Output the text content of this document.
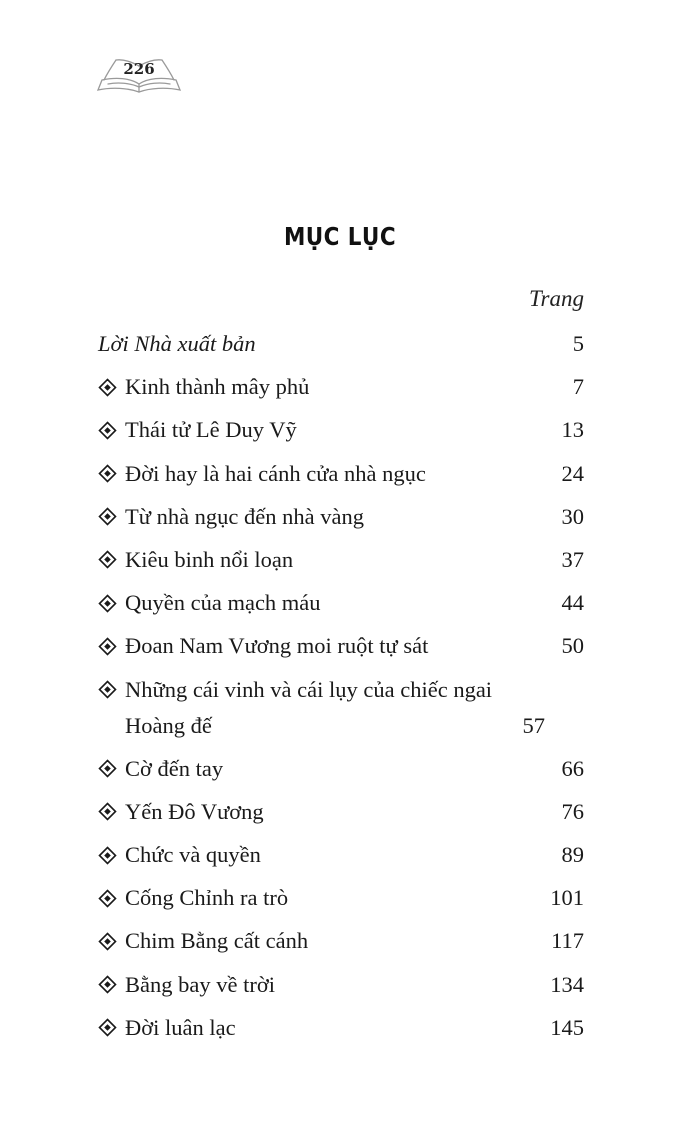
226
MỤC LỤC
Trang
Lời Nhà xuất bản	5
Kinh thành mây phủ	7
Thái tử Lê Duy Vỹ	13
Đời hay là hai cánh cửa nhà ngục	24
Từ nhà ngục đến nhà vàng	30
Kiêu binh nổi loạn	37
Quyền của mạch máu	44
Đoan Nam Vương moi ruột tự sát	50
Những cái vinh và cái lụy của chiếc ngai Hoàng đế	57
Cờ đến tay	66
Yến Đô Vương	76
Chức và quyền	89
Cống Chỉnh ra trò	101
Chim Bằng cất cánh	117
Bằng bay về trời	134
Đời luân lạc	145
